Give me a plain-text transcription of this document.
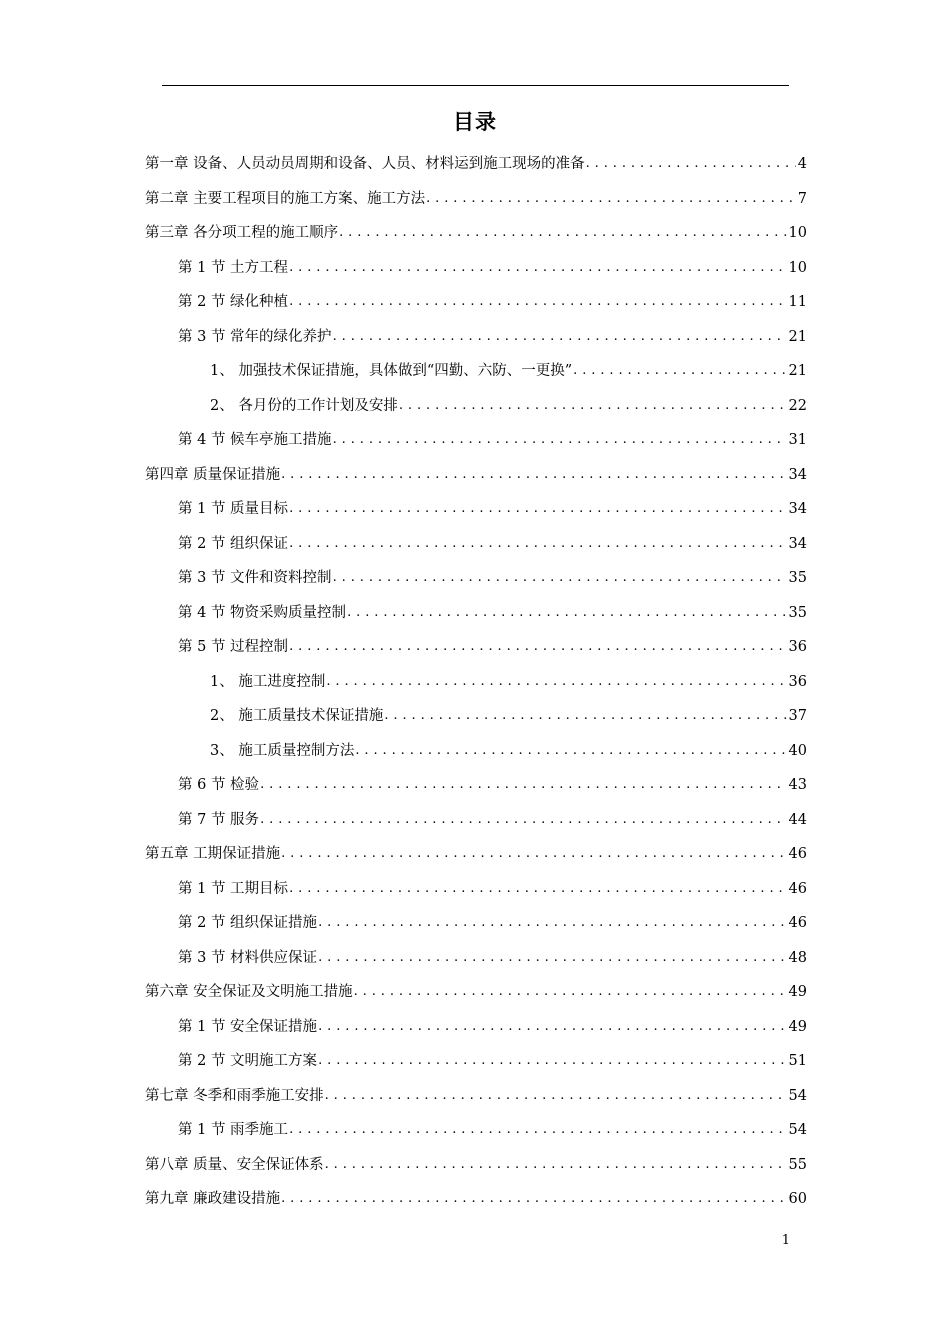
目录
第一章 设备、人员动员周期和设备、人员、材料运到施工现场的准备 . . .	4
第二章 主要工程项目的施工方案、施工方法 . . .	7
第三章 各分项工程的施工顺序 . . .	10
第 1 节 土方工程 . . .	10
第 2 节 绿化种植 . . .	11
第 3 节 常年的绿化养护 . . .	21
1、 加强技术保证措施，具体做到“四勤、六防、一更换” . . .	21
2、 各月份的工作计划及安排 . . .	22
第 4 节 候车亭施工措施 . . .	31
第四章 质量保证措施 . . .	34
第 1 节 质量目标 . . .	34
第 2 节 组织保证 . . .	34
第 3 节 文件和资料控制 . . .	35
第 4 节 物资采购质量控制 . . .	35
第 5 节 过程控制 . . .	36
1、 施工进度控制 . . .	36
2、 施工质量技术保证措施 . . .	37
3、 施工质量控制方法 . . .	40
第 6 节 检验 . . .	43
第 7 节 服务 . . .	44
第五章 工期保证措施 . . .	46
第 1 节 工期目标 . . .	46
第 2 节 组织保证措施 . . .	46
第 3 节 材料供应保证 . . .	48
第六章 安全保证及文明施工措施 . . .	49
第 1 节 安全保证措施 . . .	49
第 2 节 文明施工方案 . . .	51
第七章 冬季和雨季施工安排 . . .	54
第 1 节 雨季施工 . . .	54
第八章 质量、安全保证体系 . . .	55
第九章 廉政建设措施 . . .	60
1
